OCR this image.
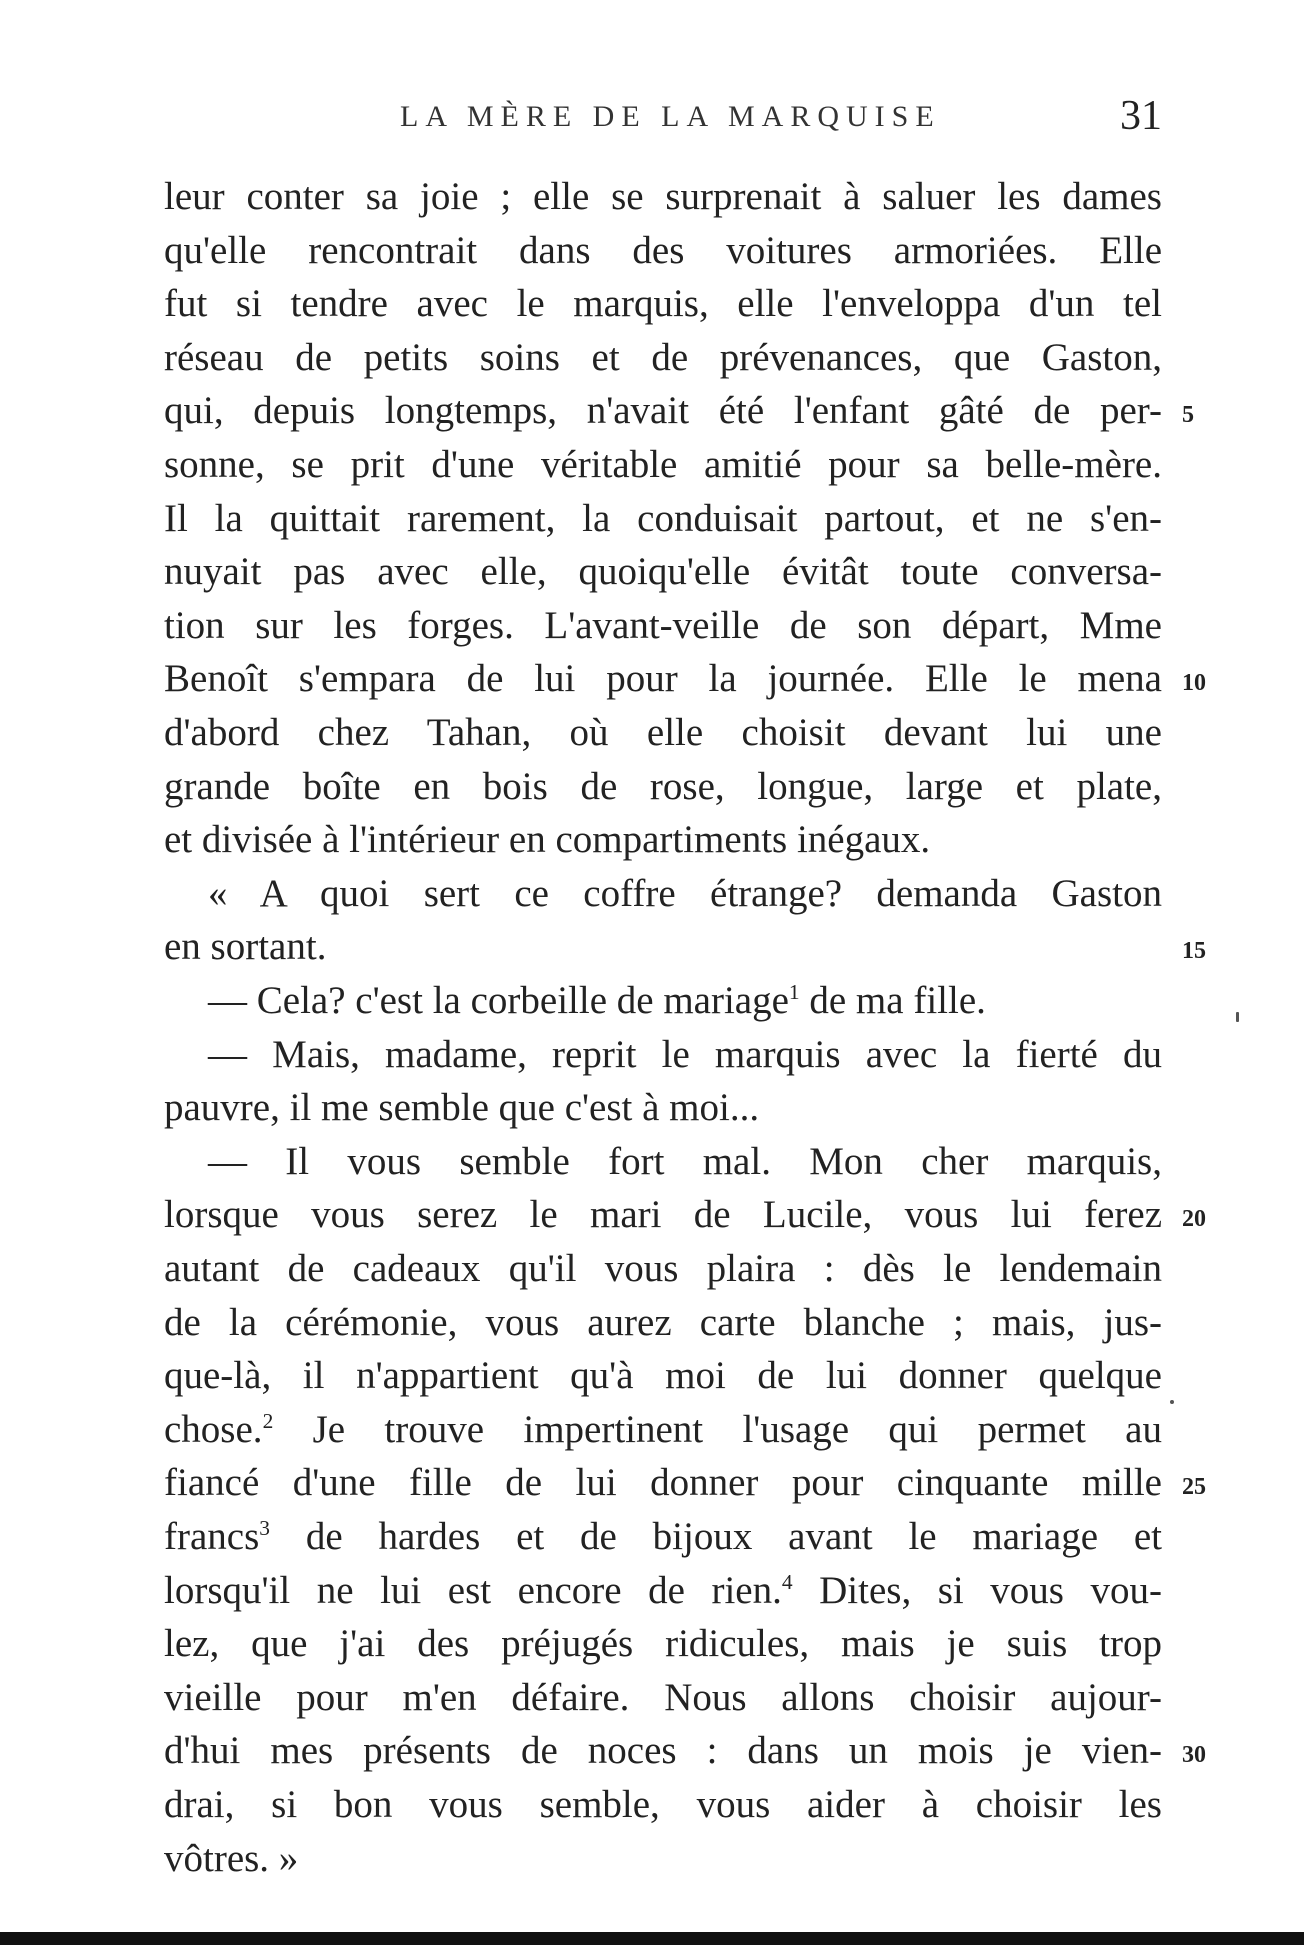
LA MÈRE DE LA MARQUISE	31
leur conter sa joie ; elle se surprenait à saluer les dames
qu'elle rencontrait dans des voitures armoriées. Elle
fut si tendre avec le marquis, elle l'enveloppa d'un tel
réseau de petits soins et de prévenances, que Gaston,
qui, depuis longtemps, n'avait été l'enfant gâté de per-
sonne, se prit d'une véritable amitié pour sa belle-mère.
Il la quittait rarement, la conduisait partout, et ne s'en-
nuyait pas avec elle, quoiqu'elle évitât toute conversa-
tion sur les forges. L'avant-veille de son départ, Mme
Benoît s'empara de lui pour la journée. Elle le mena
d'abord chez Tahan, où elle choisit devant lui une
grande boîte en bois de rose, longue, large et plate,
et divisée à l'intérieur en compartiments inégaux.
« A quoi sert ce coffre étrange? demanda Gaston
en sortant.
— Cela? c'est la corbeille de mariage$^1$ de ma fille.
— Mais, madame, reprit le marquis avec la fierté du
pauvre, il me semble que c'est à moi...
— Il vous semble fort mal. Mon cher marquis,
lorsque vous serez le mari de Lucile, vous lui ferez
autant de cadeaux qu'il vous plaira : dès le lendemain
de la cérémonie, vous aurez carte blanche ; mais, jus-
que-là, il n'appartient qu'à moi de lui donner quelque
chose.$^2$ Je trouve impertinent l'usage qui permet au
fiancé d'une fille de lui donner pour cinquante mille
francs$^3$ de hardes et de bijoux avant le mariage et
lorsqu'il ne lui est encore de rien.$^4$ Dites, si vous vou-
lez, que j'ai des préjugés ridicules, mais je suis trop
vieille pour m'en défaire. Nous allons choisir aujour-
d'hui mes présents de noces : dans un mois je vien-
drai, si bon vous semble, vous aider à choisir les
vôtres. »
5
10
15
20
25
30
